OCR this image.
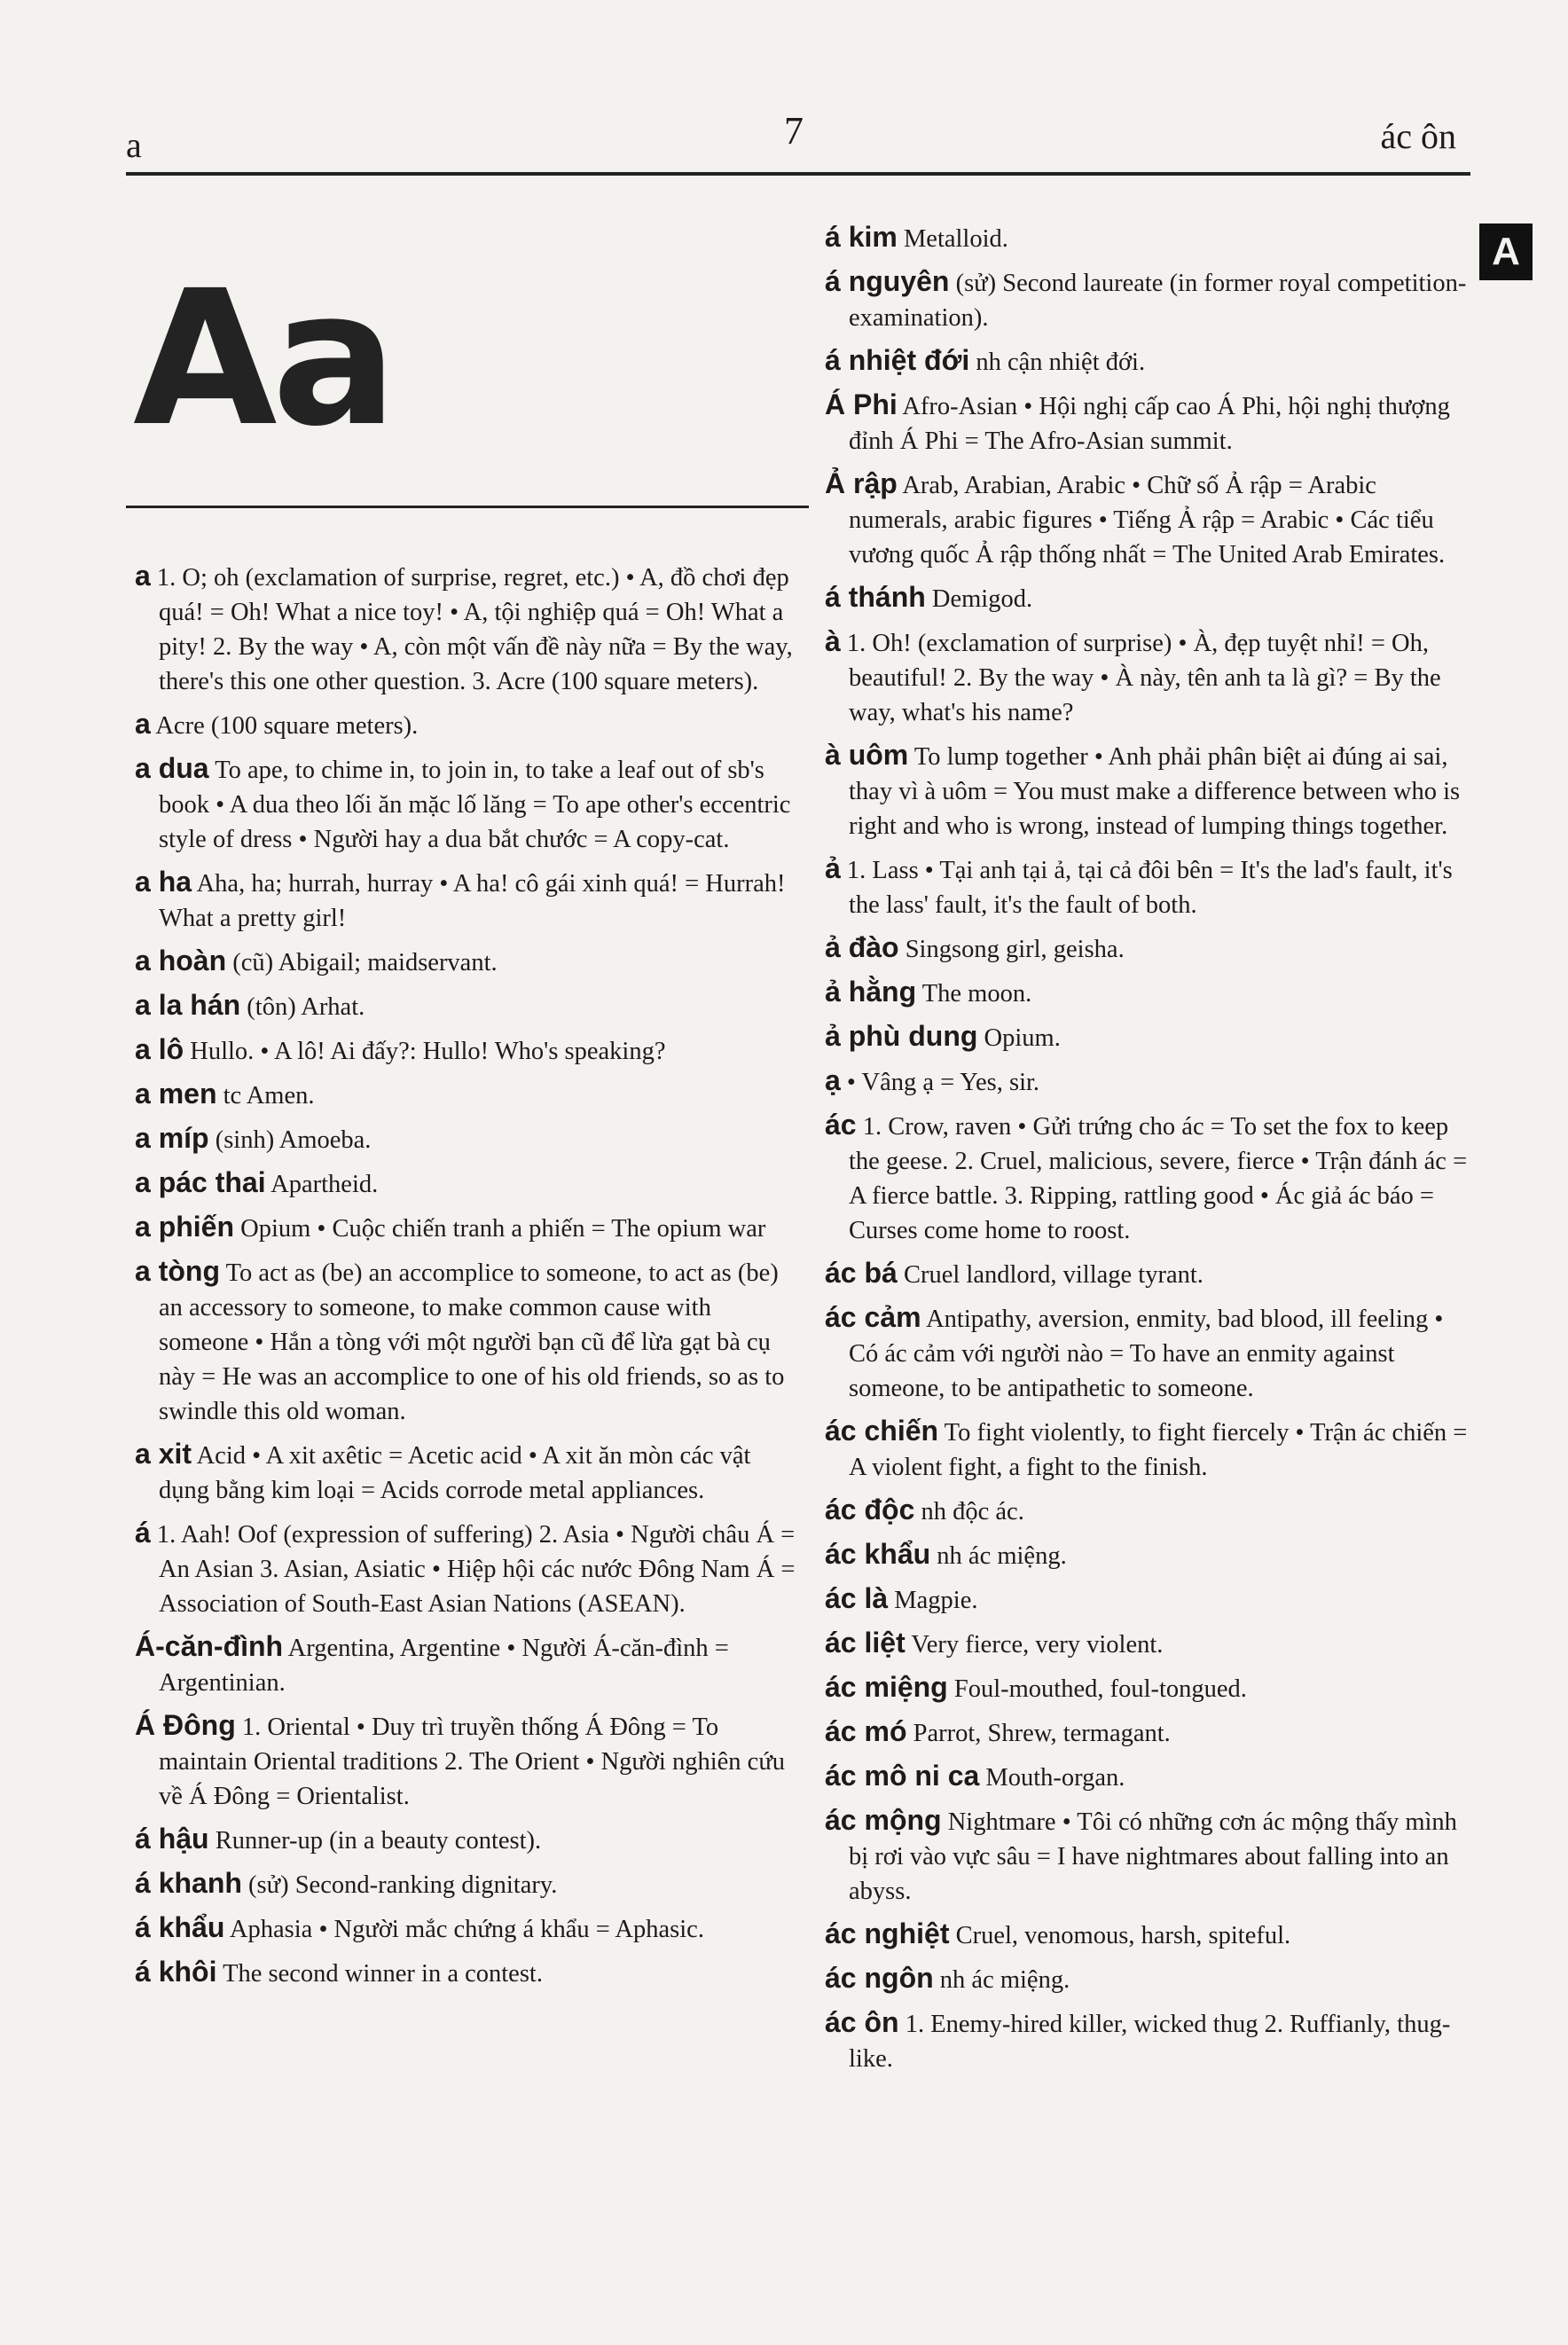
a	7	ác ôn
A
Aa
a 1. O; oh (exclamation of surprise, regret, etc.) • A, đồ chơi đẹp quá! = Oh! What a nice toy! • A, tội nghiệp quá = Oh! What a pity! 2. By the way • A, còn một vấn đề này nữa = By the way, there's this one other question. 3. Acre (100 square meters).
a Acre (100 square meters).
a dua To ape, to chime in, to join in, to take a leaf out of sb's book • A dua theo lối ăn mặc lố lăng = To ape other's eccentric style of dress • Người hay a dua bắt chước = A copy-cat.
a ha Aha, ha; hurrah, hurray • A ha! cô gái xinh quá! = Hurrah! What a pretty girl!
a hoàn (cũ) Abigail; maidservant.
a la hán (tôn) Arhat.
a lô Hullo. • A lô! Ai đấy?: Hullo! Who's speaking?
a men tc Amen.
a míp (sinh) Amoeba.
a pác thai Apartheid.
a phiến Opium • Cuộc chiến tranh a phiến = The opium war
a tòng To act as (be) an accomplice to someone, to act as (be) an accessory to someone, to make common cause with someone • Hắn a tòng với một người bạn cũ để lừa gạt bà cụ này = He was an accomplice to one of his old friends, so as to swindle this old woman.
a xit Acid • A xit axêtic = Acetic acid • A xit ăn mòn các vật dụng bằng kim loại = Acids corrode metal appliances.
á 1. Aah! Oof (expression of suffering) 2. Asia • Người châu Á = An Asian 3. Asian, Asiatic • Hiệp hội các nước Đông Nam Á = Association of South-East Asian Nations (ASEAN).
Á-căn-đình Argentina, Argentine • Người Á-căn-đình = Argentinian.
Á Đông 1. Oriental • Duy trì truyền thống Á Đông = To maintain Oriental traditions 2. The Orient • Người nghiên cứu về Á Đông = Orientalist.
á hậu Runner-up (in a beauty contest).
á khanh (sử) Second-ranking dignitary.
á khẩu Aphasia • Người mắc chứng á khẩu = Aphasic.
á khôi The second winner in a contest.
á kim Metalloid.
á nguyên (sử) Second laureate (in former royal competition-examination).
á nhiệt đới nh cận nhiệt đới.
Á Phi Afro-Asian • Hội nghị cấp cao Á Phi, hội nghị thượng đỉnh Á Phi = The Afro-Asian summit.
Ả rập Arab, Arabian, Arabic • Chữ số Ả rập = Arabic numerals, arabic figures • Tiếng Ả rập = Arabic • Các tiểu vương quốc Ả rập thống nhất = The United Arab Emirates.
á thánh Demigod.
à 1. Oh! (exclamation of surprise) • À, đẹp tuyệt nhỉ! = Oh, beautiful! 2. By the way • À này, tên anh ta là gì? = By the way, what's his name?
à uôm To lump together • Anh phải phân biệt ai đúng ai sai, thay vì à uôm = You must make a difference between who is right and who is wrong, instead of lumping things together.
ả 1. Lass • Tại anh tại ả, tại cả đôi bên = It's the lad's fault, it's the lass' fault, it's the fault of both.
ả đào Singsong girl, geisha.
ả hằng The moon.
ả phù dung Opium.
ạ • Vâng ạ = Yes, sir.
ác 1. Crow, raven • Gửi trứng cho ác = To set the fox to keep the geese. 2. Cruel, malicious, severe, fierce • Trận đánh ác = A fierce battle. 3. Ripping, rattling good • Ác giả ác báo = Curses come home to roost.
ác bá Cruel landlord, village tyrant.
ác cảm Antipathy, aversion, enmity, bad blood, ill feeling • Có ác cảm với người nào = To have an enmity against someone, to be antipathetic to someone.
ác chiến To fight violently, to fight fiercely • Trận ác chiến = A violent fight, a fight to the finish.
ác độc nh độc ác.
ác khẩu nh ác miệng.
ác là Magpie.
ác liệt Very fierce, very violent.
ác miệng Foul-mouthed, foul-tongued.
ác mó Parrot, Shrew, termagant.
ác mô ni ca Mouth-organ.
ác mộng Nightmare • Tôi có những cơn ác mộng thấy mình bị rơi vào vực sâu = I have nightmares about falling into an abyss.
ác nghiệt Cruel, venomous, harsh, spiteful.
ác ngôn nh ác miệng.
ác ôn 1. Enemy-hired killer, wicked thug 2. Ruffianly, thug-like.
